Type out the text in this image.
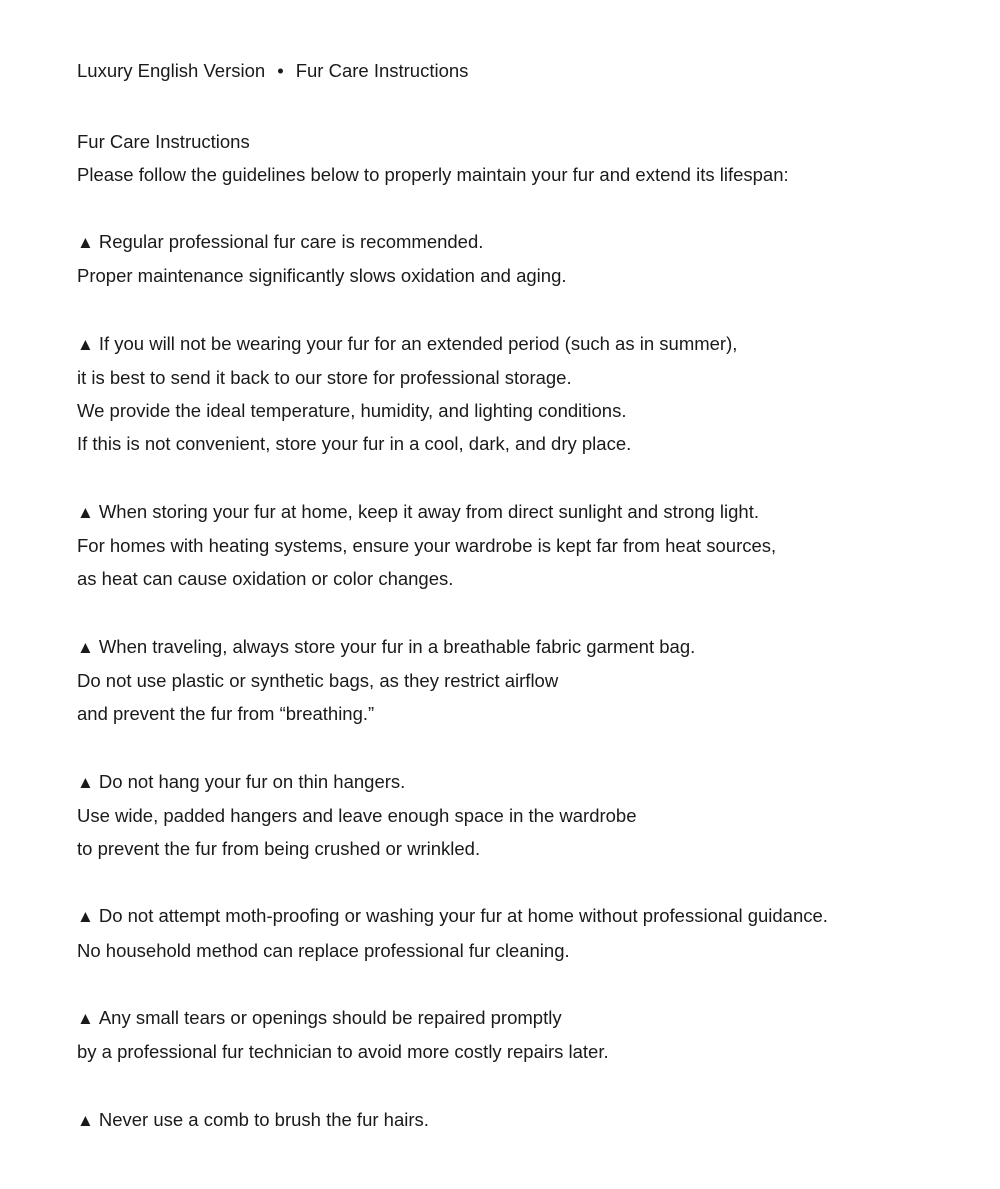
Luxury English Version • Fur Care Instructions

Fur Care Instructions

Please follow the guidelines below to properly maintain your fur and extend its lifespan:

▲ Regular professional fur care is recommended.

Proper maintenance significantly slows oxidation and aging.

▲ If you will not be wearing your fur for an extended period (such as in summer),

it is best to send it back to our store for professional storage.

We provide the ideal temperature, humidity, and lighting conditions.

If this is not convenient, store your fur in a cool, dark, and dry place.

▲ When storing your fur at home, keep it away from direct sunlight and strong light.

For homes with heating systems, ensure your wardrobe is kept far from heat sources,

as heat can cause oxidation or color changes.

▲ When traveling, always store your fur in a breathable fabric garment bag.

Do not use plastic or synthetic bags, as they restrict airflow

and prevent the fur from “breathing.”

▲ Do not hang your fur on thin hangers.

Use wide, padded hangers and leave enough space in the wardrobe

to prevent the fur from being crushed or wrinkled.

▲ Do not attempt moth-proofing or washing your fur at home without professional guidance.

No household method can replace professional fur cleaning.

▲ Any small tears or openings should be repaired promptly

by a professional fur technician to avoid more costly repairs later.

▲ Never use a comb to brush the fur hairs.
